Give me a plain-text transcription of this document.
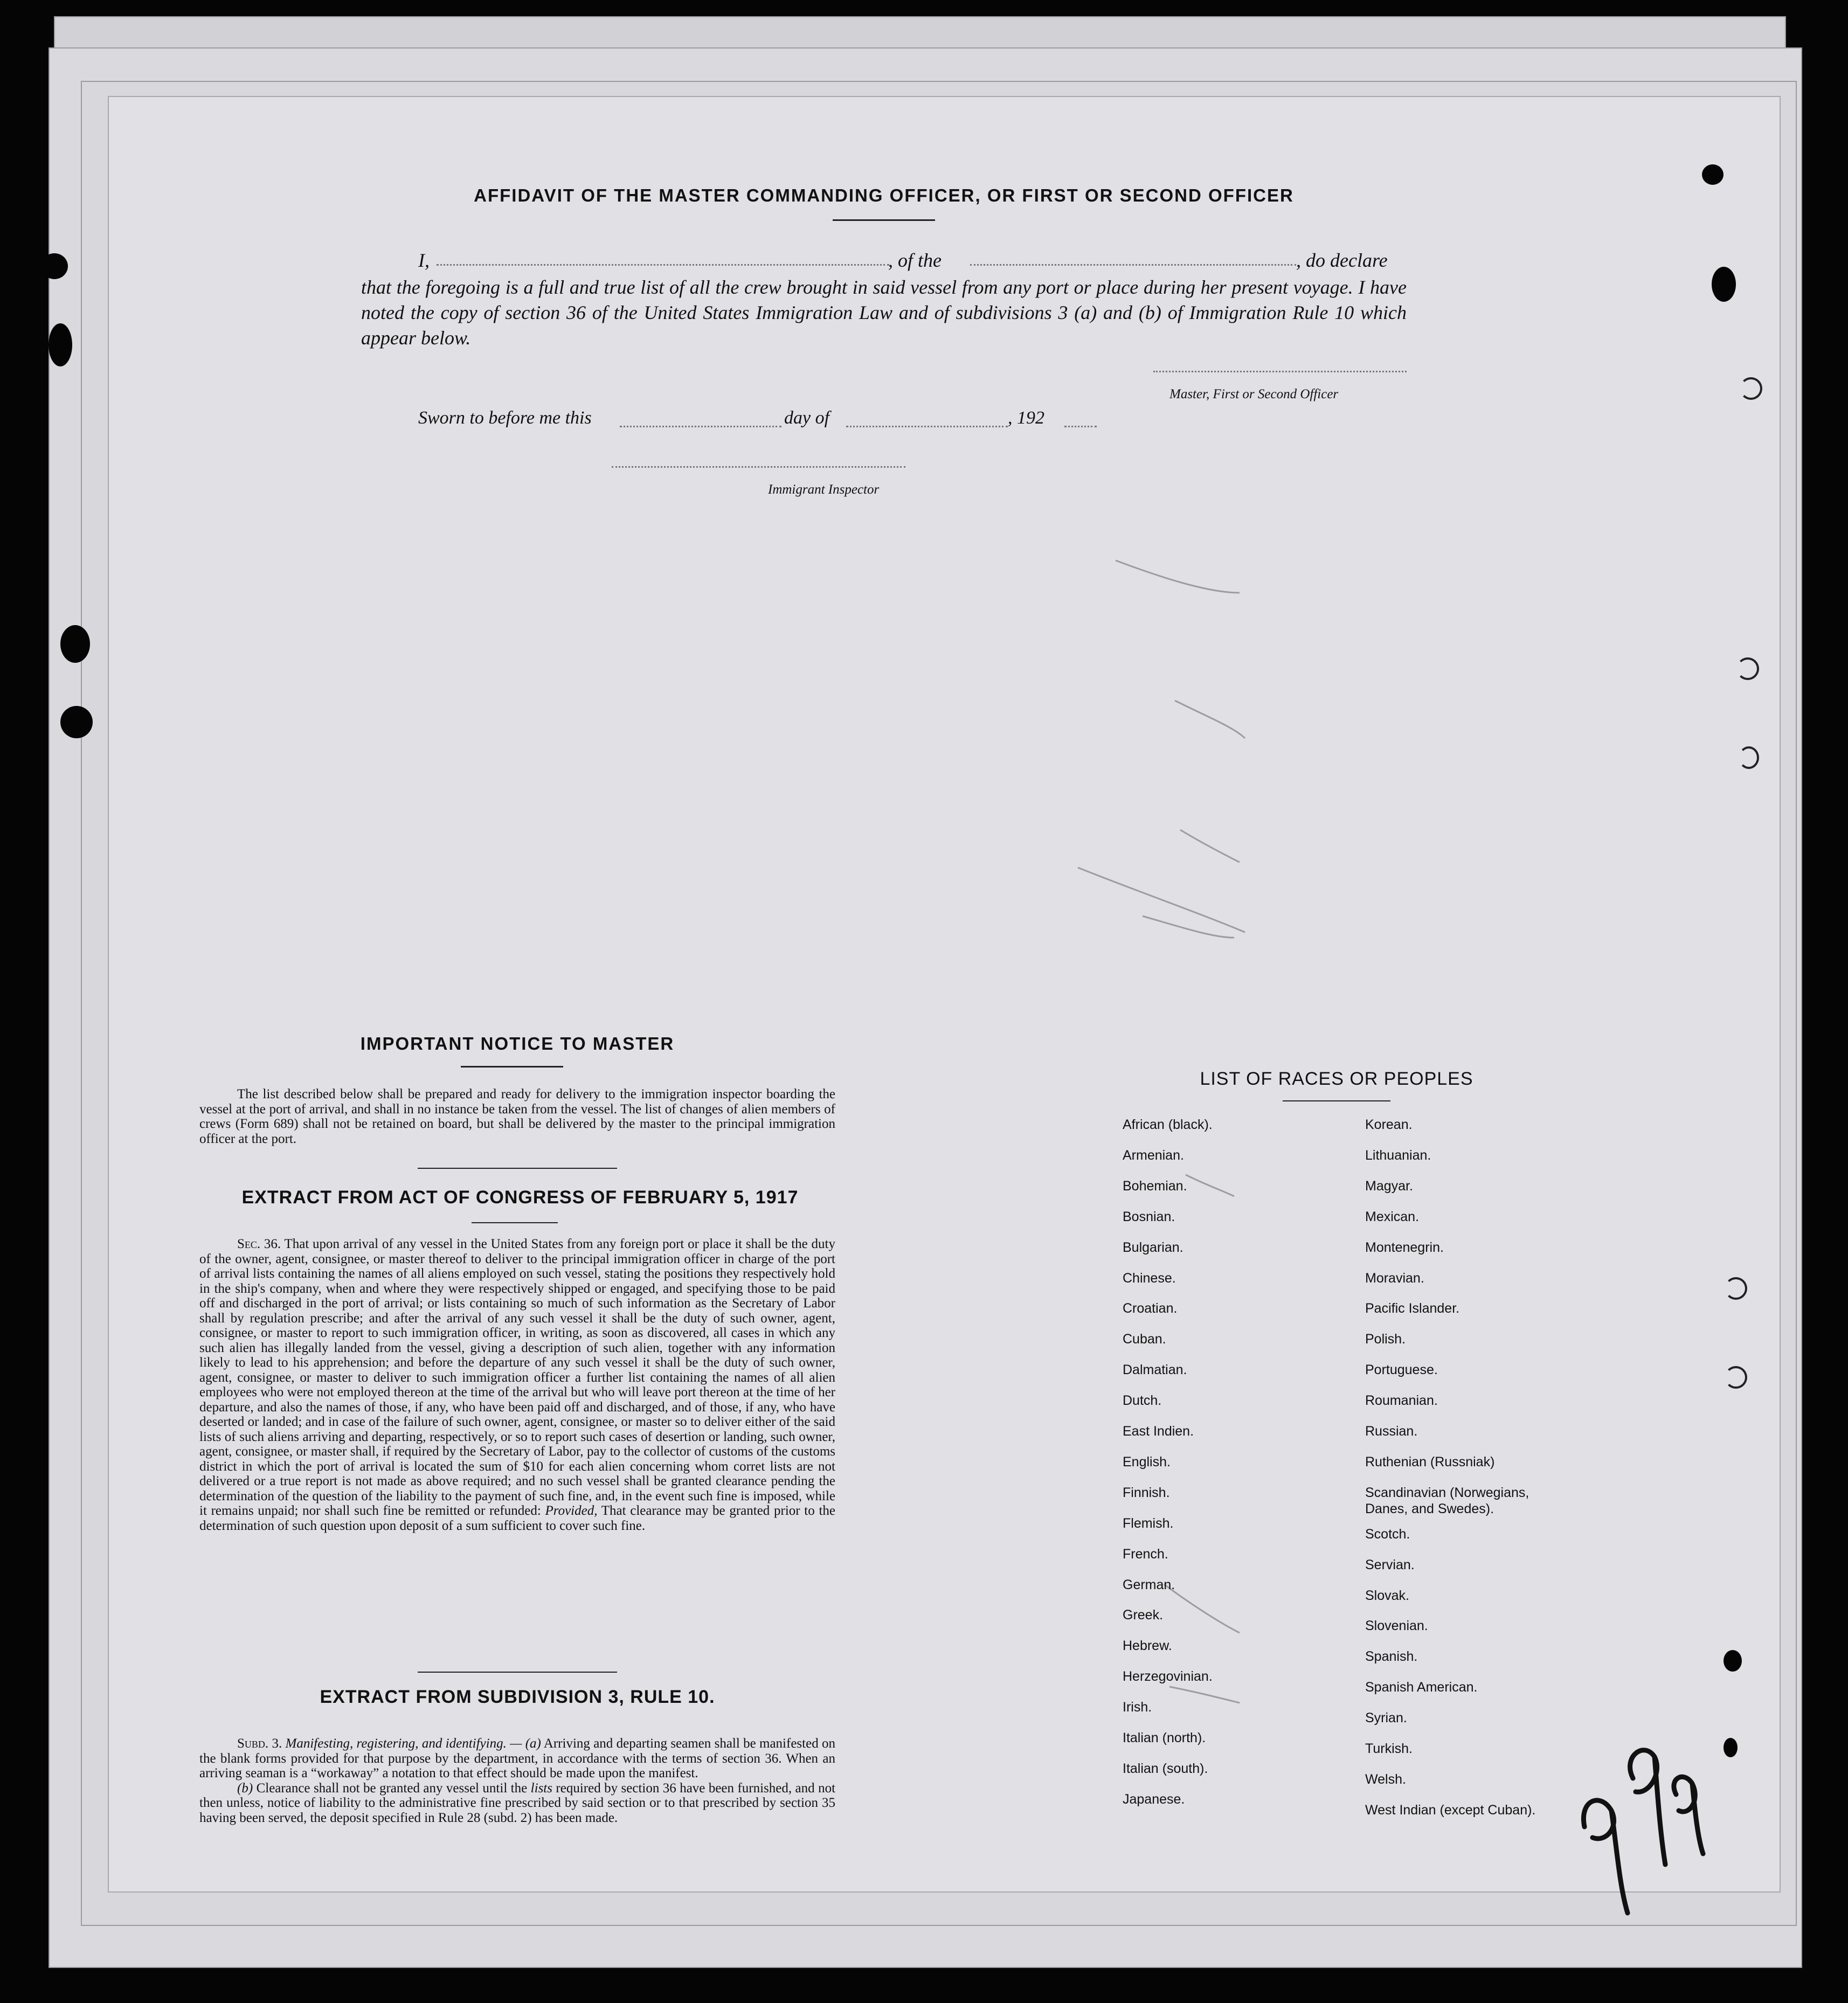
AFFIDAVIT OF THE MASTER COMMANDING OFFICER, OR FIRST OR SECOND OFFICER
I,	, of the	, do declare
that the foregoing is a full and true list of all the crew brought in said vessel from any port or place during her present voyage. I have noted the copy of section 36 of the United States Immigration Law and of subdivisions 3 (a) and (b) of Immigration Rule 10 which appear below.
Master, First or Second Officer
Sworn to before me this	day of	, 192
Immigrant Inspector
IMPORTANT NOTICE TO MASTER
The list described below shall be prepared and ready for delivery to the immigration inspector boarding the vessel at the port of arrival, and shall in no instance be taken from the vessel. The list of changes of alien members of crews (Form 689) shall not be retained on board, but shall be delivered by the master to the principal immigration officer at the port.
EXTRACT FROM ACT OF CONGRESS OF FEBRUARY 5, 1917
Sec. 36. That upon arrival of any vessel in the United States from any foreign port or place it shall be the duty of the owner, agent, consignee, or master thereof to deliver to the principal immigration officer in charge of the port of arrival lists containing the names of all aliens employed on such vessel, stating the positions they respectively hold in the ship's company, when and where they were respectively shipped or engaged, and specifying those to be paid off and discharged in the port of arrival; or lists containing so much of such information as the Secretary of Labor shall by regulation prescribe; and after the arrival of any such vessel it shall be the duty of such owner, agent, consignee, or master to report to such immigration officer, in writing, as soon as discovered, all cases in which any such alien has illegally landed from the vessel, giving a description of such alien, together with any information likely to lead to his apprehension; and before the departure of any such vessel it shall be the duty of such owner, agent, consignee, or master to deliver to such immigration officer a further list containing the names of all alien employees who were not employed thereon at the time of the arrival but who will leave port thereon at the time of her departure, and also the names of those, if any, who have been paid off and discharged, and of those, if any, who have deserted or landed; and in case of the failure of such owner, agent, consignee, or master so to deliver either of the said lists of such aliens arriving and departing, respectively, or so to report such cases of desertion or landing, such owner, agent, consignee, or master shall, if required by the Secretary of Labor, pay to the collector of customs of the customs district in which the port of arrival is located the sum of $10 for each alien concerning whom corret lists are not delivered or a true report is not made as above required; and no such vessel shall be granted clearance pending the determination of the question of the liability to the payment of such fine, and, in the event such fine is imposed, while it remains unpaid; nor shall such fine be remitted or refunded: Provided, That clearance may be granted prior to the determination of such question upon deposit of a sum sufficient to cover such fine.
EXTRACT FROM SUBDIVISION 3, RULE 10.
Subd. 3. Manifesting, registering, and identifying. — (a) Arriving and departing seamen shall be manifested on the blank forms provided for that purpose by the department, in accordance with the terms of section 36. When an arriving seaman is a “workaway” a notation to that effect should be made upon the manifest.
(b) Clearance shall not be granted any vessel until the lists required by section 36 have been furnished, and not then unless, notice of liability to the administrative fine prescribed by said section or to that prescribed by section 35 having been served, the deposit specified in Rule 28 (subd. 2) has been made.
LIST OF RACES OR PEOPLES
African (black).
Armenian.
Bohemian.
Bosnian.
Bulgarian.
Chinese.
Croatian.
Cuban.
Dalmatian.
Dutch.
East Indien.
English.
Finnish.
Flemish.
French.
German.
Greek.
Hebrew.
Herzegovinian.
Irish.
Italian (north).
Italian (south).
Japanese.
Korean.
Lithuanian.
Magyar.
Mexican.
Montenegrin.
Moravian.
Pacific Islander.
Polish.
Portuguese.
Roumanian.
Russian.
Ruthenian (Russniak)
Scandinavian (Norwegians,
Danes, and Swedes).
Scotch.
Servian.
Slovak.
Slovenian.
Spanish.
Spanish American.
Syrian.
Turkish.
Welsh.
West Indian (except Cuban).
